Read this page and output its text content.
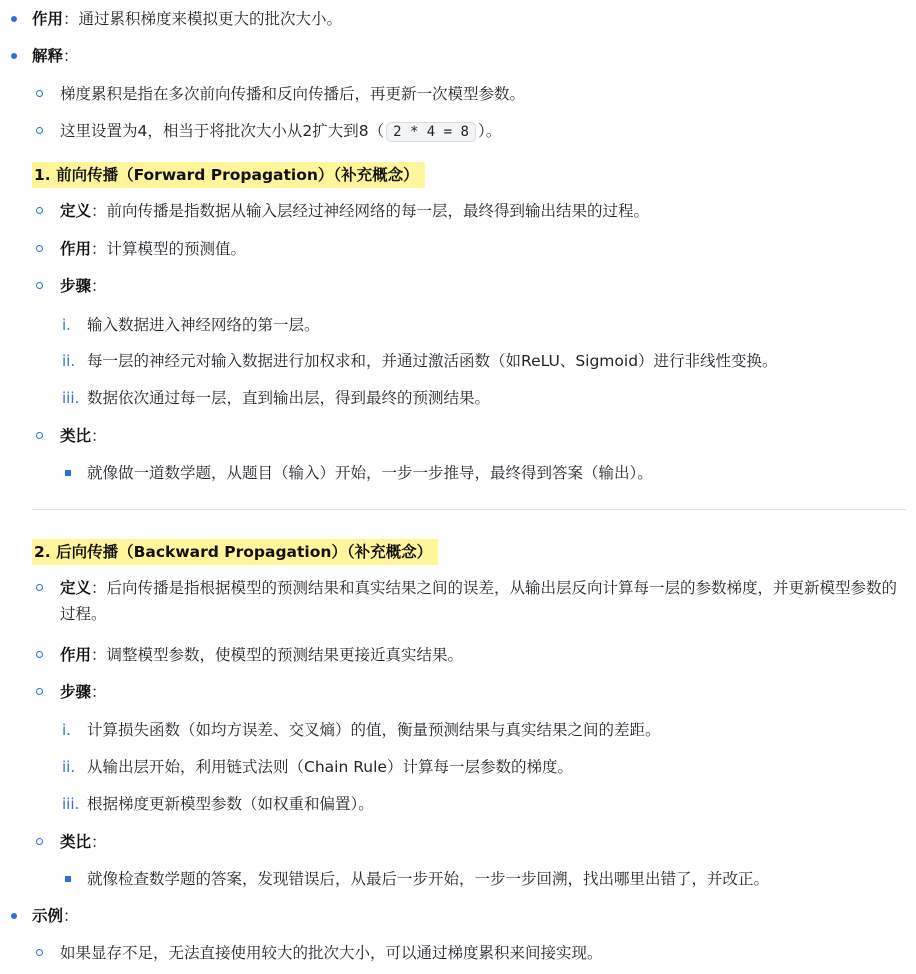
作用：通过累积梯度来模拟更大的批次大小。
解释：
梯度累积是指在多次前向传播和反向传播后，再更新一次模型参数。
这里设置为4，相当于将批次大小从2扩大到8（ 2 * 4 = 8 ）。
1. 前向传播（Forward Propagation）（补充概念）
定义：前向传播是指数据从输入层经过神经网络的每一层，最终得到输出结果的过程。
作用：计算模型的预测值。
步骤：
i. 输入数据进入神经网络的第一层。
ii. 每一层的神经元对输入数据进行加权求和，并通过激活函数（如ReLU、Sigmoid）进行非线性变换。
iii. 数据依次通过每一层，直到输出层，得到最终的预测结果。
类比：
就像做一道数学题，从题目（输入）开始，一步一步推导，最终得到答案（输出）。
2. 后向传播（Backward Propagation）（补充概念）
定义：后向传播是指根据模型的预测结果和真实结果之间的误差，从输出层反向计算每一层的参数梯度，并更新模型参数的过程。
作用：调整模型参数，使模型的预测结果更接近真实结果。
步骤：
i. 计算损失函数（如均方误差、交叉熵）的值，衡量预测结果与真实结果之间的差距。
ii. 从输出层开始，利用链式法则（Chain Rule）计算每一层参数的梯度。
iii. 根据梯度更新模型参数（如权重和偏置）。
类比：
就像检查数学题的答案，发现错误后，从最后一步开始，一步一步回溯，找出哪里出错了，并改正。
示例：
如果显存不足，无法直接使用较大的批次大小，可以通过梯度累积来间接实现。
